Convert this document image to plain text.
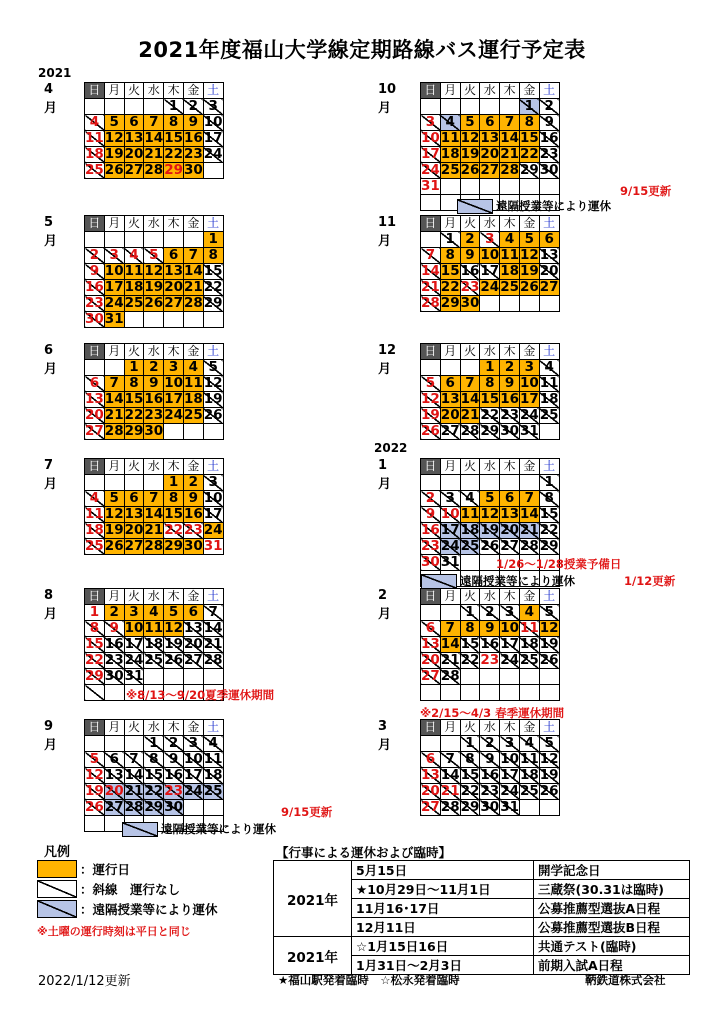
2021年度福山大学線定期路線バス運行予定表
2021
2022
4月
日	月	火	水	木	金	土
				1	2	3
4	5	6	7	8	9	10
11	12	13	14	15	16	17
18	19	20	21	22	23	24
25	26	27	28	29	30	
5月
日	月	火	水	木	金	土
						1
2	3	4	5	6	7	8
9	10	11	12	13	14	15
16	17	18	19	20	21	22
23	24	25	26	27	28	29
30	31					
6月
日	月	火	水	木	金	土
		1	2	3	4	5
6	7	8	9	10	11	12
13	14	15	16	17	18	19
20	21	22	23	24	25	26
27	28	29	30			
7月
日	月	火	水	木	金	土
				1	2	3
4	5	6	7	8	9	10
11	12	13	14	15	16	17
18	19	20	21	22	23	24
25	26	27	28	29	30	31
8月
日	月	火	水	木	金	土
1	2	3	4	5	6	7
8	9	10	11	12	13	14
15	16	17	18	19	20	21
22	23	24	25	26	27	28
29	30	31				

9月
日	月	火	水	木	金	土
			1	2	3	4
5	6	7	8	9	10	11
12	13	14	15	16	17	18
19	20	21	22	23	24	25
26	27	28	29	30		

10月
日	月	火	水	木	金	土
					1	2
3	4	5	6	7	8	9
10	11	12	13	14	15	16
17	18	19	20	21	22	23
24	25	26	27	28	29	30
31						

11月
日	月	火	水	木	金	土
	1	2	3	4	5	6
7	8	9	10	11	12	13
14	15	16	17	18	19	20
21	22	23	24	25	26	27
28	29	30				
12月
日	月	火	水	木	金	土
			1	2	3	4
5	6	7	8	9	10	11
12	13	14	15	16	17	18
19	20	21	22	23	24	25
26	27	28	29	30	31	
1月
日	月	火	水	木	金	土
						1
2	3	4	5	6	7	8
9	10	11	12	13	14	15
16	17	18	19	20	21	22
23	24	25	26	27	28	29
30	31					

2月
日	月	火	水	木	金	土
		1	2	3	4	5
6	7	8	9	10	11	12
13	14	15	16	17	18	19
20	21	22	23	24	25	26
27	28					

3月
日	月	火	水	木	金	土
		1	2	3	4	5
6	7	8	9	10	11	12
13	14	15	16	17	18	19
20	21	22	23	24	25	26
27	28	29	30	31		
9/15更新
遠隔授業等により運休
1/26～1/28授業予備日
遠隔授業等により運休	1/12更新
※8/13～9/20夏季運休期間
9/15更新
遠隔授業等により運休
※2/15～4/3 春季運休期間
凡例
：運行日
：斜線　運行なし
：遠隔授業等により運休
※土曜の運行時刻は平日と同じ
【行事による運休および臨時】
2021年	5月15日	開学記念日
	★10月29日～11月1日	三蔵祭(30.31は臨時)
	11月16･17日	公募推薦型選抜A日程
	12月11日	公募推薦型選抜B日程
2021年	☆1月15日16日	共通テスト(臨時)
	1月31日～2月3日	前期入試A日程
2022/1/12更新	★福山駅発着臨時　☆松永発着臨時	鞆鉄道株式会社
